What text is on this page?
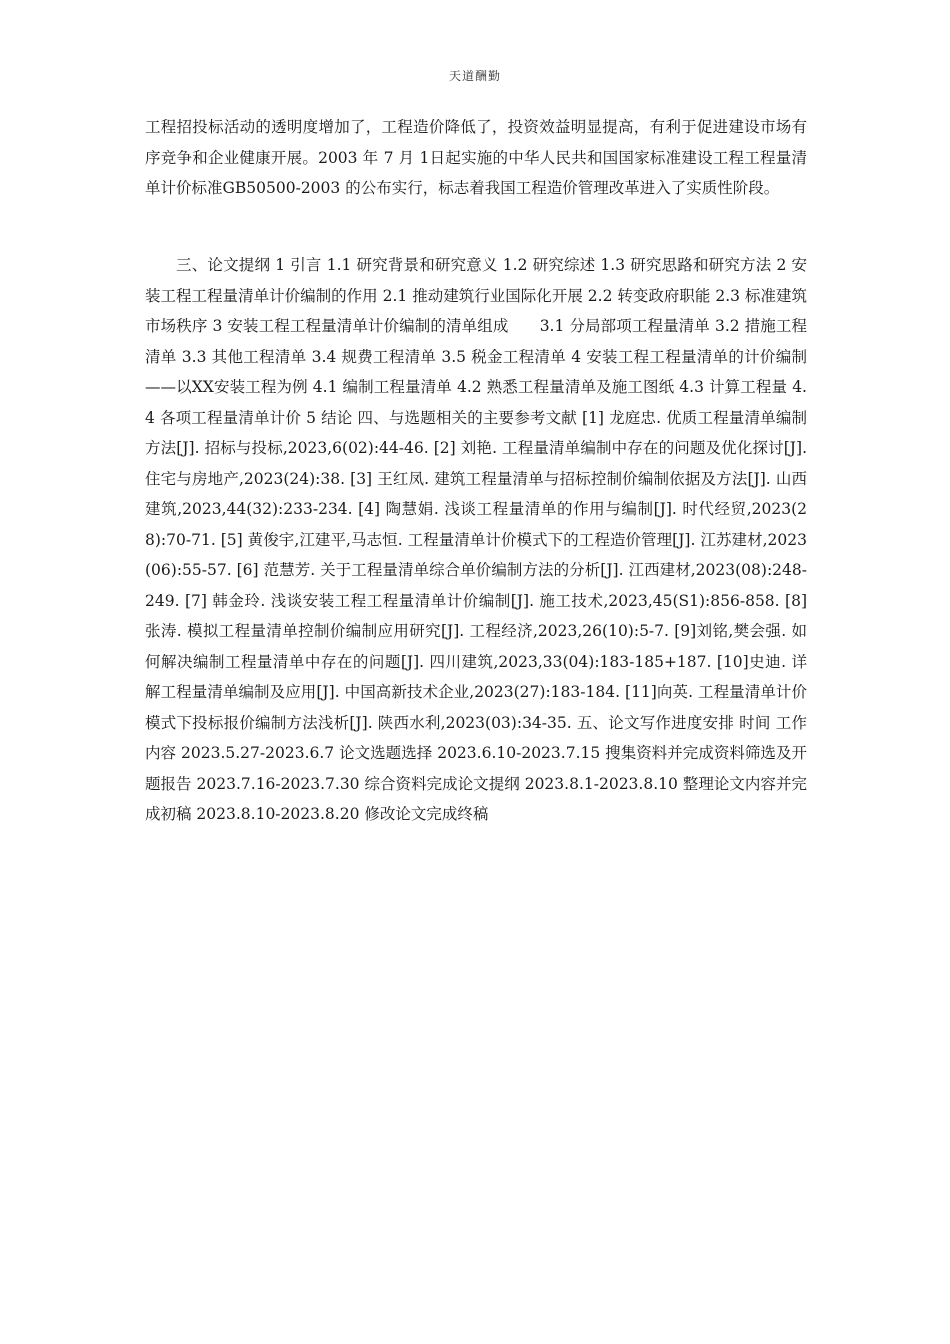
天道酬勤

工程招投标活动的透明度增加了，工程造价降低了，投资效益明显提高，有利于促进建设市场有序竞争和企业健康开展。2003 年 7 月 1日起实施的中华人民共和国国家标准建设工程工程量清单计价标准GB50500-2003 的公布实行，标志着我国工程造价管理改革进入了实质性阶段。

三、论文提纲 1 引言 1.1 研究背景和研究意义 1.2 研究综述 1.3 研究思路和研究方法 2 安装工程工程量清单计价编制的作用 2.1 推动建筑行业国际化开展 2.2 转变政府职能 2.3 标准建筑市场秩序 3 安装工程工程量清单计价编制的清单组成　　3.1 分局部项工程量清单 3.2 措施工程清单 3.3 其他工程清单 3.4 规费工程清单 3.5 税金工程清单 4 安装工程工程量清单的计价编制——以XX安装工程为例 4.1 编制工程量清单 4.2 熟悉工程量清单及施工图纸 4.3 计算工程量 4.4 各项工程量清单计价 5 结论 四、与选题相关的主要参考文献 [1] 龙庭忠. 优质工程量清单编制方法[J]. 招标与投标,2023,6(02):44-46. [2] 刘艳. 工程量清单编制中存在的问题及优化探讨[J]. 住宅与房地产,2023(24):38. [3] 王红凤. 建筑工程量清单与招标控制价编制依据及方法[J]. 山西建筑,2023,44(32):233-234. [4] 陶慧娟. 浅谈工程量清单的作用与编制[J]. 时代经贸,2023(28):70-71. [5] 黄俊宇,江建平,马志恒. 工程量清单计价模式下的工程造价管理[J]. 江苏建材,2023(06):55-57. [6] 范慧芳. 关于工程量清单综合单价编制方法的分析[J]. 江西建材,2023(08):248-249. [7] 韩金玲. 浅谈安装工程工程量清单计价编制[J]. 施工技术,2023,45(S1):856-858. [8] 张涛. 模拟工程量清单控制价编制应用研究[J]. 工程经济,2023,26(10):5-7. [9]刘铭,樊会强. 如何解决编制工程量清单中存在的问题[J]. 四川建筑,2023,33(04):183-185+187. [10]史迪. 详解工程量清单编制及应用[J]. 中国高新技术企业,2023(27):183-184. [11]向英. 工程量清单计价模式下投标报价编制方法浅析[J]. 陕西水利,2023(03):34-35. 五、论文写作进度安排 时间 工作内容 2023.5.27-2023.6.7 论文选题选择 2023.6.10-2023.7.15 搜集资料并完成资料筛选及开题报告 2023.7.16-2023.7.30 综合资料完成论文提纲 2023.8.1-2023.8.10 整理论文内容并完成初稿 2023.8.10-2023.8.20 修改论文完成终稿
